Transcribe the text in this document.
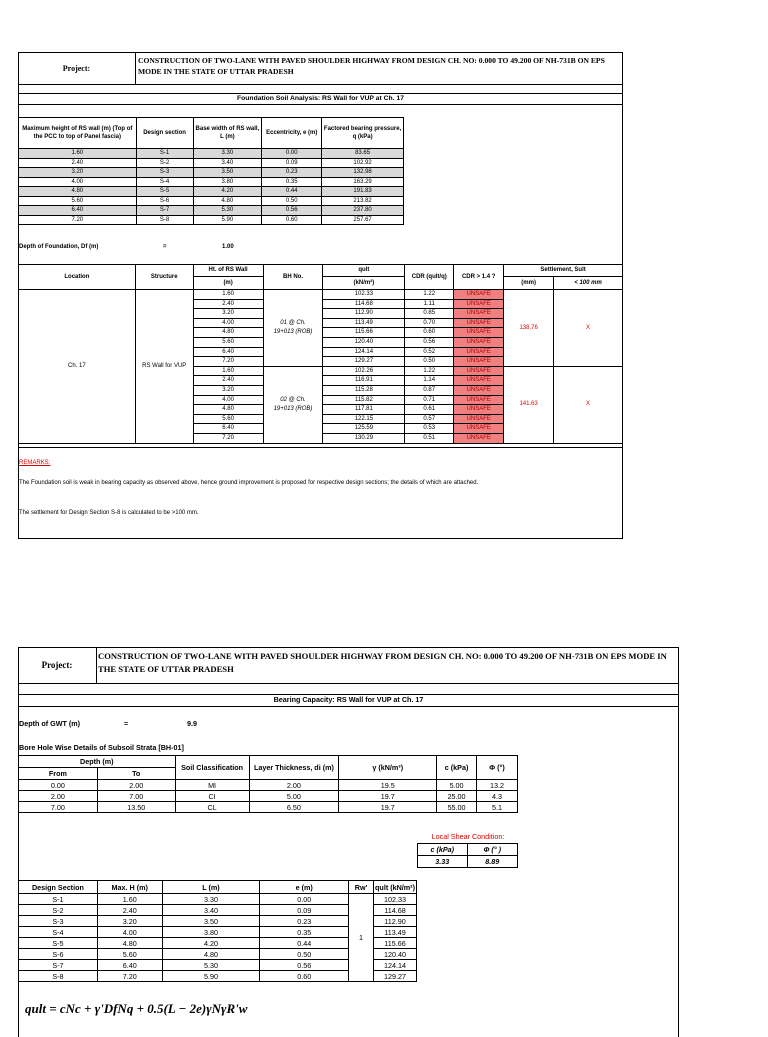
Project:
CONSTRUCTION OF TWO-LANE WITH PAVED SHOULDER HIGHWAY FROM DESIGN CH. NO: 0.000 TO 49.200 OF NH-731B ON EPS MODE IN THE STATE OF UTTAR PRADESH
Foundation Soil Analysis: RS Wall for VUP at Ch. 17
Maximum height of RS wall (m) (Top of the PCC to top of Panel fascia)	Design section	Base width of RS wall, L (m)	Eccentricity, e (m)	Factored bearing pressure, q (kPa)
1.60	S-1	3.30	0.00	83.65
2.40	S-2	3.40	0.09	102.92
3.20	S-3	3.50	0.23	132.98
4.00	S-4	3.80	0.35	163.29
4.80	S-5	4.20	0.44	191.83
5.60	S-6	4.80	0.50	213.82
6.40	S-7	5.30	0.56	237.80
7.20	S-8	5.90	0.60	257.67
Depth of Foundation, Df (m)	=	1.00
Location	Structure	Ht. of RS Wall	BH No.	qult	CDR (qult/q)	CDR > 1.4 ?	Settlement, Sult	
		(m)		(kN/m²)			(mm)	< 100 mm
Ch. 17	RS Wall for VUP	1.60	01 @ Ch. 19+013 (ROB)	102.33	1.22	UNSAFE	138.76	X
		2.40		114.68	1.11	UNSAFE		
		3.20		112.90	0.85	UNSAFE		
		4.00		113.49	0.70	UNSAFE		
		4.80		115.66	0.60	UNSAFE		
		5.60		120.40	0.56	UNSAFE		
		6.40		124.14	0.52	UNSAFE		
		7.20		129.27	0.50	UNSAFE		
		1.60	02 @ Ch. 19+013 (ROB)	102.26	1.22	UNSAFE	141.63	X
		2.40		116.91	1.14	UNSAFE		
		3.20		115.28	0.87	UNSAFE		
		4.00		115.82	0.71	UNSAFE		
		4.80		117.81	0.61	UNSAFE		
		5.60		122.15	0.57	UNSAFE		
		6.40		125.59	0.53	UNSAFE		
		7.20		130.29	0.51	UNSAFE		
REMARKS:
The Foundation soil is weak in bearing capacity as observed above, hence ground improvement is proposed for respective design sections; the details of which are attached.
The settlement for Design Section S-8 is calculated to be >100 mm.
Project:
CONSTRUCTION OF TWO-LANE WITH PAVED SHOULDER HIGHWAY FROM DESIGN CH. NO: 0.000 TO 49.200 OF NH-731B ON EPS MODE IN THE STATE OF UTTAR PRADESH
Bearing Capacity: RS Wall for VUP at Ch. 17
Depth of GWT (m)	=	9.9
Bore Hole Wise Details of Subsoil Strata [BH-01]
Depth (m)		Soil Classification	Layer Thickness, di (m)	γ (kN/m³)	c (kPa)	Φ (°)
From	To					
0.00	2.00	MI	2.00	19.5	5.00	13.2
2.00	7.00	CI	5.00	19.7	25.00	4.3
7.00	13.50	CL	6.50	19.7	55.00	5.1
Local Shear Condition:
c (kPa)	Φ (° )
3.33	8.89
Design Section	Max. H (m)	L (m)	e (m)	Rw'	qult (kN/m²)
S-1	1.60	3.30	0.00	1	102.33
S-2	2.40	3.40	0.09		114.68
S-3	3.20	3.50	0.23		112.90
S-4	4.00	3.80	0.35		113.49
S-5	4.80	4.20	0.44		115.66
S-6	5.60	4.80	0.50		120.40
S-7	6.40	5.30	0.56		124.14
S-8	7.20	5.90	0.60		129.27
qult = cNc + γ'DfNq + 0.5(L − 2e)γNγR'w
